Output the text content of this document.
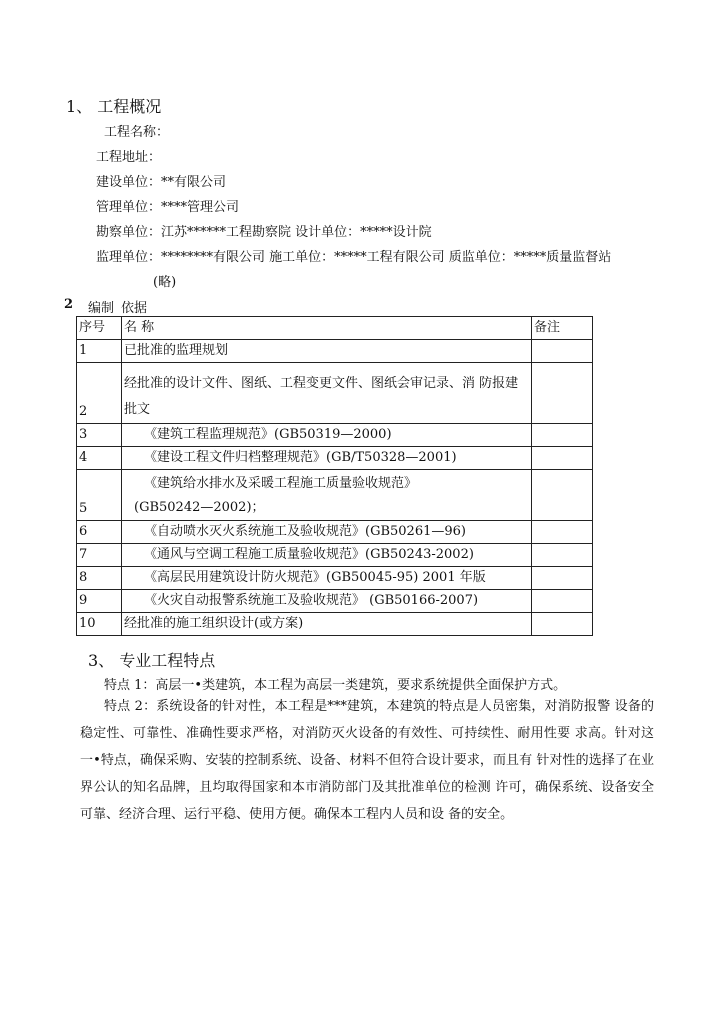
1、 工程概况
工程名称：
工程地址：
建设单位：**有限公司
管理单位：****管理公司
勘察单位：江苏******工程勘察院 设计单位：*****设计院
监理单位：********有限公司 施工单位：*****工程有限公司 质监单位：*****质量监督站
(略)
2 编制 依据
序号	名 称	备注
1	已批准的监理规划	
2	经批准的设计文件、图纸、工程变更文件、图纸会审记录、消 防报建
批文	

3	《建筑工程监理规范》(GB50319—2000)	

4	《建设工程文件归档整理规范》(GB/T50328—2001)	

5	《建筑给水排水及采暖工程施工质量验收规范》
(GB50242—2002)；	

6	《自动喷水灭火系统施工及验收规范》(GB50261—96)	

7	《通风与空调工程施工质量验收规范》(GB50243-2002)	

8	《高层民用建筑设计防火规范》(GB50045-95) 2001 年版	

9	《火灾自动报警系统施工及验收规范》 (GB50166-2007)	

10	经批准的施工组织设计(或方案)	
3、 专业工程特点
特点 1：高层一•类建筑，本工程为高层一类建筑，要求系统提供全面保护方式。
特点 2：系统设备的针对性，本工程是***建筑，本建筑的特点是人员密集，对消防报警 设备的稳定性、可靠性、准确性要求严格，对消防灭火设备的有效性、可持续性、耐用性要 求高。针对这一•特点，确保采购、安装的控制系统、设备、材料不但符合设计要求，而且有 针对性的选择了在业界公认的知名品牌，且均取得国家和本市消防部门及其批准单位的检测 许可，确保系统、设备安全可靠、经济合理、运行平稳、使用方便。确保本工程内人员和设 备的安全。
